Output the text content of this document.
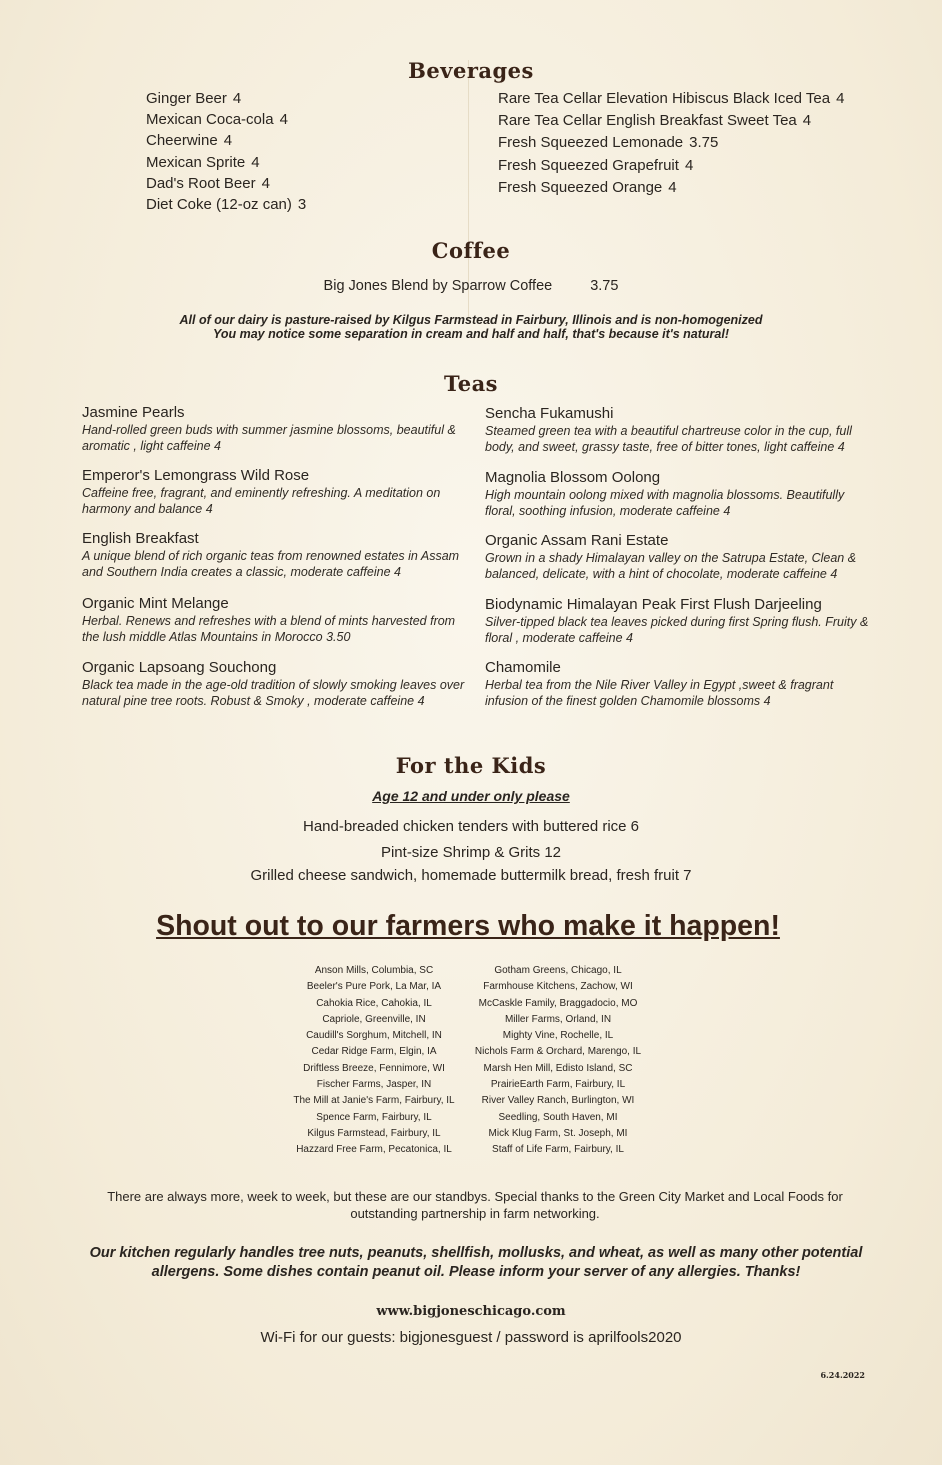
Beverages
Ginger Beer 4
Mexican Coca-cola 4
Cheerwine 4
Mexican Sprite 4
Dad's Root Beer 4
Diet Coke (12-oz can) 3
Rare Tea Cellar Elevation Hibiscus Black Iced Tea 4
Rare Tea Cellar English Breakfast Sweet Tea 4
Fresh Squeezed Lemonade 3.75
Fresh Squeezed Grapefruit 4
Fresh Squeezed Orange 4
Coffee
Big Jones Blend by Sparrow Coffee	3.75
All of our dairy is pasture-raised by Kilgus Farmstead in Fairbury, Illinois and is non-homogenized
You may notice some separation in cream and half and half, that's because it's natural!
Teas
Jasmine Pearls
Hand-rolled green buds with summer jasmine blossoms, beautiful & aromatic , light caffeine 4
Emperor's Lemongrass Wild Rose
Caffeine free, fragrant, and eminently refreshing. A meditation on harmony and balance 4
English Breakfast
A unique blend of rich organic teas from renowned estates in Assam and Southern India creates a classic, moderate caffeine 4
Organic Mint Melange
Herbal. Renews and refreshes with a blend of mints harvested from the lush middle Atlas Mountains in Morocco 3.50
Organic Lapsoang Souchong
Black tea made in the age-old tradition of slowly smoking leaves over natural pine tree roots. Robust & Smoky , moderate caffeine 4
Sencha Fukamushi
Steamed green tea with a beautiful chartreuse color in the cup, full body, and sweet, grassy taste, free of bitter tones, light caffeine 4
Magnolia Blossom Oolong
High mountain oolong mixed with magnolia blossoms. Beautifully floral, soothing infusion, moderate caffeine 4
Organic Assam Rani Estate
Grown in a shady Himalayan valley on the Satrupa Estate, Clean & balanced, delicate, with a hint of chocolate, moderate caffeine 4
Biodynamic Himalayan Peak First Flush Darjeeling
Silver-tipped black tea leaves picked during first Spring flush. Fruity & floral , moderate caffeine 4
Chamomile
Herbal tea from the Nile River Valley in Egypt ,sweet & fragrant infusion of the finest golden Chamomile blossoms 4
For the Kids
Age 12 and under only please
Hand-breaded chicken tenders with buttered rice 6
Pint-size Shrimp & Grits 12
Grilled cheese sandwich, homemade buttermilk bread, fresh fruit 7
Shout out to our farmers who make it happen!
Anson Mills, Columbia, SC
Beeler's Pure Pork, La Mar, IA
Cahokia Rice, Cahokia, IL
Capriole, Greenville, IN
Caudill's Sorghum, Mitchell, IN
Cedar Ridge Farm, Elgin, IA
Driftless Breeze, Fennimore, WI
Fischer Farms, Jasper, IN
The Mill at Janie's Farm, Fairbury, IL
Spence Farm, Fairbury, IL
Kilgus Farmstead, Fairbury, IL
Hazzard Free Farm, Pecatonica, IL
Gotham Greens, Chicago, IL
Farmhouse Kitchens, Zachow, WI
McCaskle Family, Braggadocio, MO
Miller Farms, Orland, IN
Mighty Vine, Rochelle, IL
Nichols Farm & Orchard, Marengo, IL
Marsh Hen Mill, Edisto Island, SC
PrairieEarth Farm, Fairbury, IL
River Valley Ranch, Burlington, WI
Seedling, South Haven, MI
Mick Klug Farm, St. Joseph, MI
Staff of Life Farm, Fairbury, IL
There are always more, week to week, but these are our standbys. Special thanks to the Green City Market and Local Foods for outstanding partnership in farm networking.
Our kitchen regularly handles tree nuts, peanuts, shellfish, mollusks, and wheat, as well as many other potential allergens. Some dishes contain peanut oil. Please inform your server of any allergies. Thanks!
www.bigjoneschicago.com
Wi-Fi for our guests: bigjonesguest / password is aprilfools2020
6.24.2022
